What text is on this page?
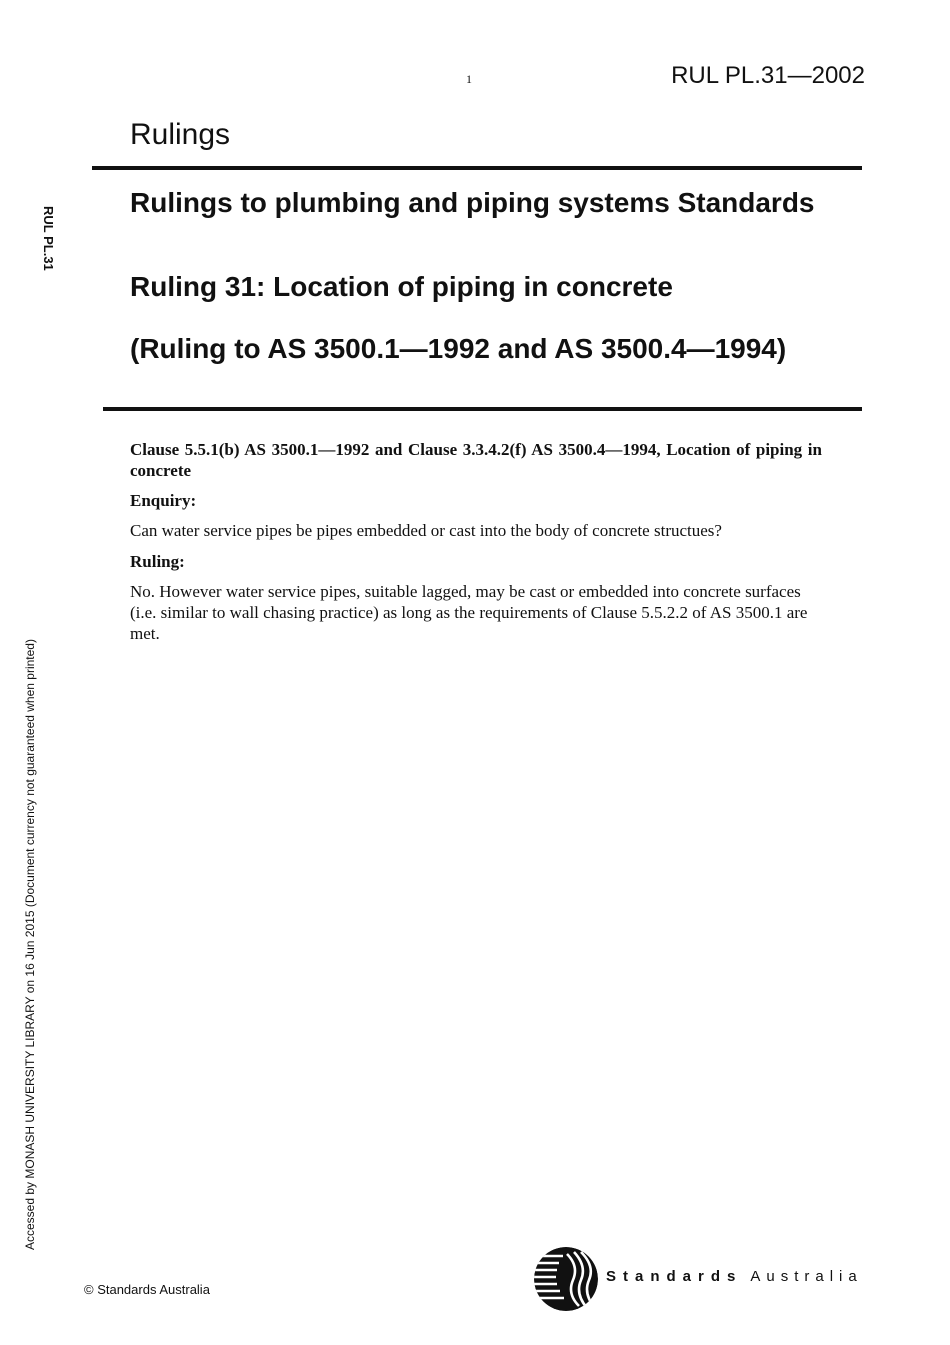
1	RUL PL.31—2002
Rulings
RUL PL.31
Accessed by MONASH UNIVERSITY LIBRARY on 16 Jun 2015 (Document currency not guaranteed when printed)
Rulings to plumbing and piping systems Standards
Ruling 31: Location of piping in concrete
(Ruling to AS 3500.1—1992 and AS 3500.4—1994)
Clause 5.5.1(b) AS 3500.1—1992 and Clause 3.3.4.2(f) AS 3500.4—1994, Location of piping in concrete
Enquiry:
Can water service pipes be pipes embedded or cast into the body of concrete structues?
Ruling:
No. However water service pipes, suitable lagged, may be cast or embedded into concrete surfaces (i.e. similar to wall chasing practice) as long as the requirements of Clause 5.5.2.2 of AS 3500.1 are met.
© Standards Australia
Standards Australia
